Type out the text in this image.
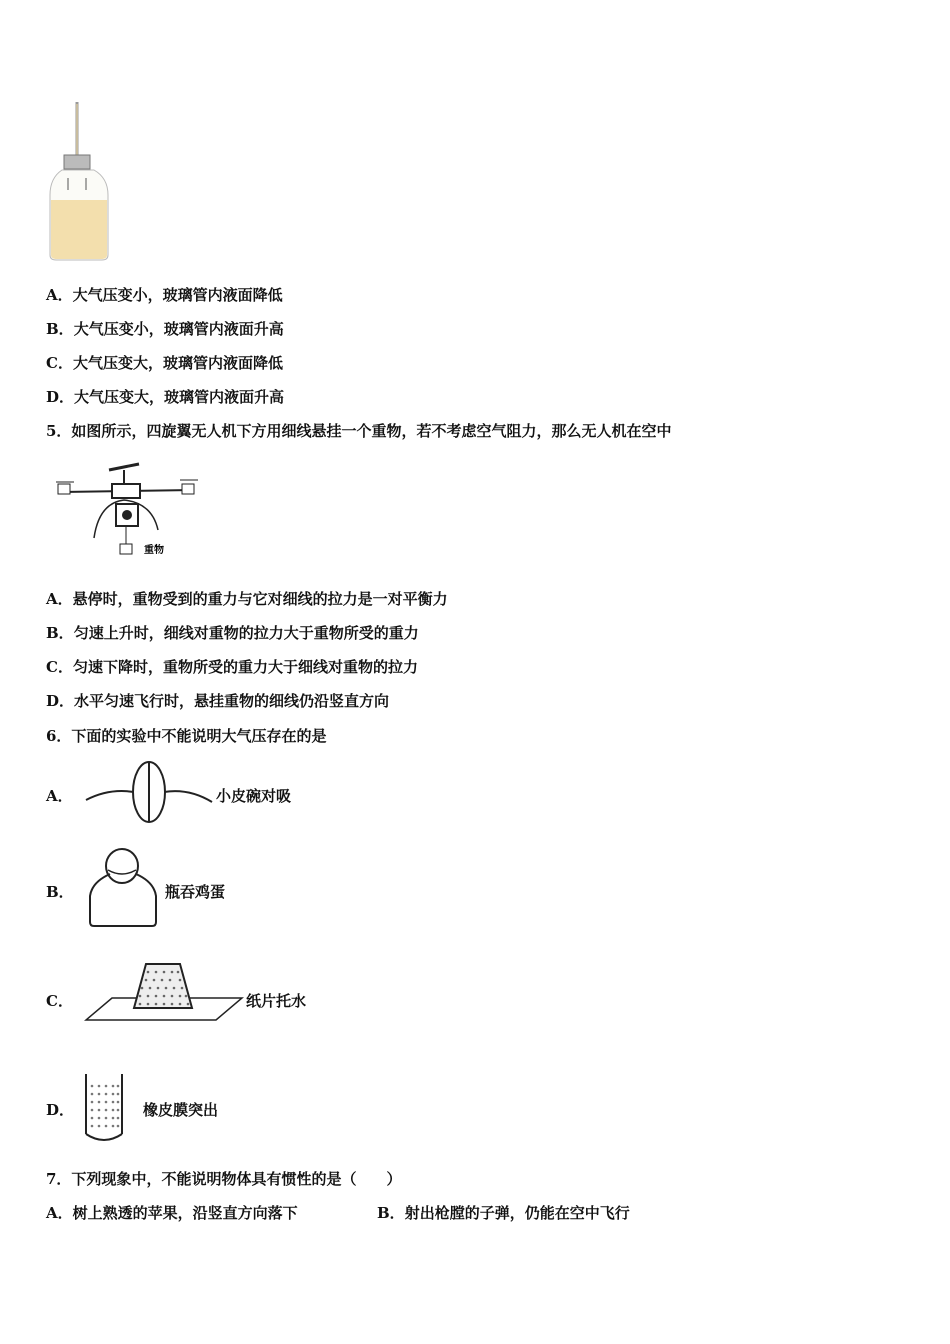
A．大气压变小，玻璃管内液面降低
B．大气压变小，玻璃管内液面升高
C．大气压变大，玻璃管内液面降低
D．大气压变大，玻璃管内液面升高
5．如图所示，四旋翼无人机下方用细线悬挂一个重物，若不考虑空气阻力，那么无人机在空中
重物
A．悬停时，重物受到的重力与它对细线的拉力是一对平衡力
B．匀速上升时，细线对重物的拉力大于重物所受的重力
C．匀速下降时，重物所受的重力大于细线对重物的拉力
D．水平匀速飞行时，悬挂重物的细线仍沿竖直方向
6．下面的实验中不能说明大气压存在的是
A．	小皮碗对吸
B．	瓶吞鸡蛋
C．	纸片托水
D．	橡皮膜突出
7．下列现象中，不能说明物体具有惯性的是（　　）
A．树上熟透的苹果，沿竖直方向落下	B．射出枪膛的子弹，仍能在空中飞行
